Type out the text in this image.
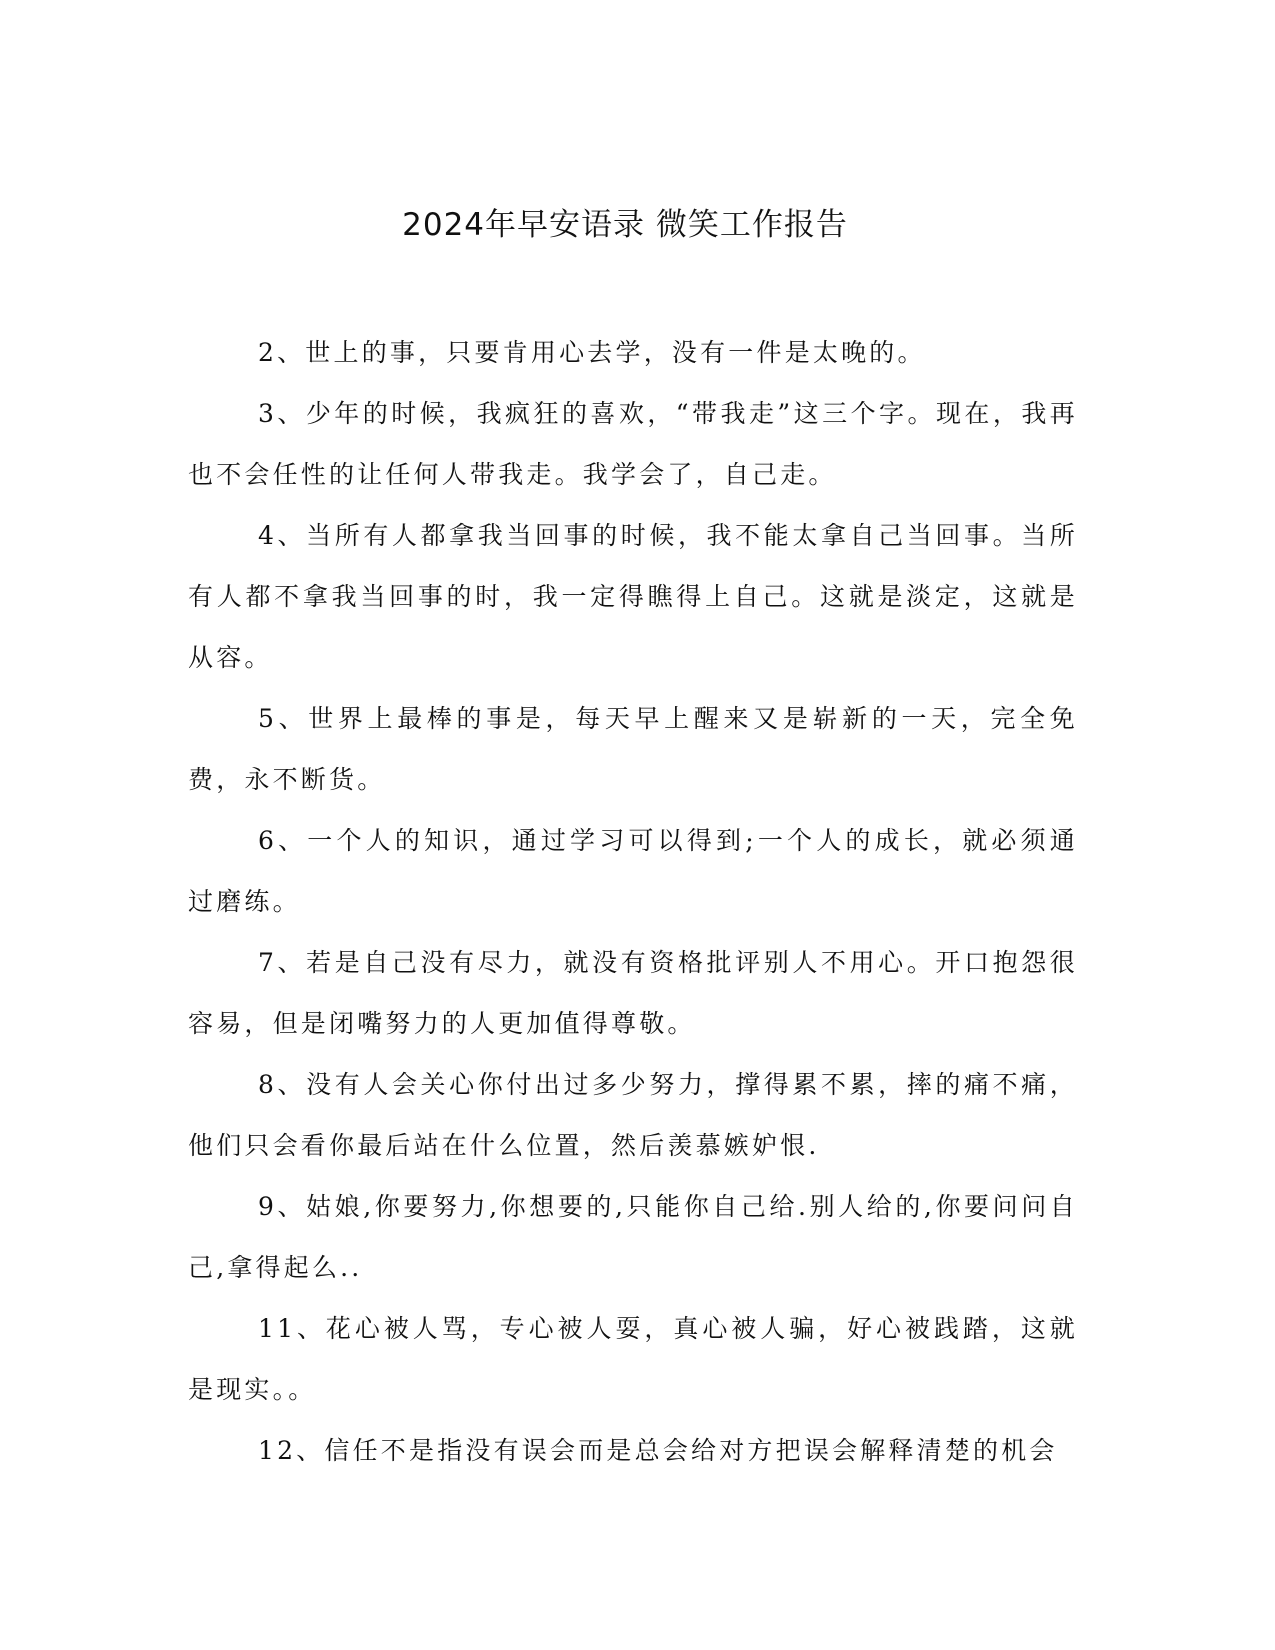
2024年早安语录 微笑工作报告

2、世上的事，只要肯用心去学，没有一件是太晚的。

3、少年的时候，我疯狂的喜欢，“带我走”这三个字。现在，我再也不会任性的让任何人带我走。我学会了，自己走。

4、当所有人都拿我当回事的时候，我不能太拿自己当回事。当所有人都不拿我当回事的时，我一定得瞧得上自己。这就是淡定，这就是从容。

5、世界上最棒的事是，每天早上醒来又是崭新的一天，完全免费，永不断货。

6、一个人的知识，通过学习可以得到;一个人的成长，就必须通过磨练。

7、若是自己没有尽力，就没有资格批评别人不用心。开口抱怨很容易，但是闭嘴努力的人更加值得尊敬。

8、没有人会关心你付出过多少努力，撑得累不累，摔的痛不痛，他们只会看你最后站在什么位置，然后羡慕嫉妒恨.

9、姑娘,你要努力,你想要的,只能你自己给.别人给的,你要问问自己,拿得起么..

11、花心被人骂，专心被人耍，真心被人骗，好心被践踏，这就是现实。。

12、信任不是指没有误会而是总会给对方把误会解释清楚的机会
